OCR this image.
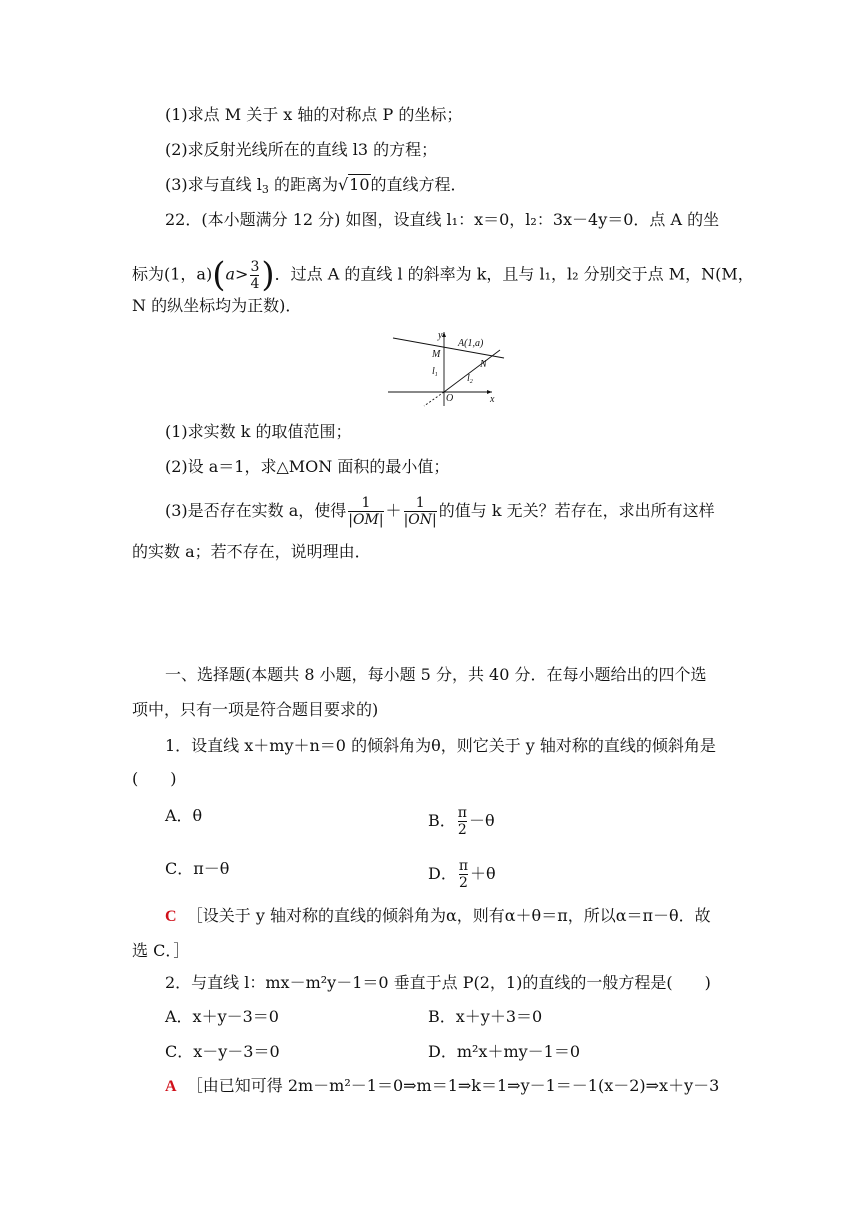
(1)求点 M 关于 x 轴的对称点 P 的坐标；
(2)求反射光线所在的直线 l3 的方程；
(3)求与直线 $l_3$ 的距离为√10的直线方程．
22．(本小题满分 12 分) 如图，设直线 l₁：x＝0，l₂：3x－4y＝0．点 A 的坐
标为(1，$a)(a> \frac{3}{4}$ )．过点 A 的直线 l 的斜率为 k，且与 l₁，l₂ 分别交于点 M，N(M，
N 的纵坐标均为正数)．
y
A(1,a)
M
N
$l_1$	$l_2$
O	x
(1)求实数 k 的取值范围；
(2)设 a＝1，求△MON 面积的最小值；
(3)是否存在实数 a，使得 $\frac{1}{|OM|} + \frac{1}{|ON|}$ 的值与 k 无关？若存在，求出所有这样
的实数 a；若不存在，说明理由．
一、选择题(本题共 8 小题，每小题 5 分，共 40 分．在每小题给出的四个选
项中，只有一项是符合题目要求的)
1．设直线 x＋my＋n＝0 的倾斜角为θ，则它关于 y 轴对称的直线的倾斜角是
(　　)
A．θ	B． $\frac{\pi}{2} -\theta$
C．π－θ	D． $\frac{\pi}{2} +\theta$
C ［设关于 y 轴对称的直线的倾斜角为α，则有α＋θ＝π，所以α＝π－θ．故
选 C．］
2．与直线 l：mx－m²y－1＝0 垂直于点 P(2，1)的直线的一般方程是(　　)
A．x＋y－3＝0	B．x＋y＋3＝0
C．x－y－3＝0	D．m²x＋my－1＝0
A ［由已知可得 2m－m²－1＝0⇒m＝1⇒k＝1⇒y－1＝－1(x－2)⇒x＋y－3
